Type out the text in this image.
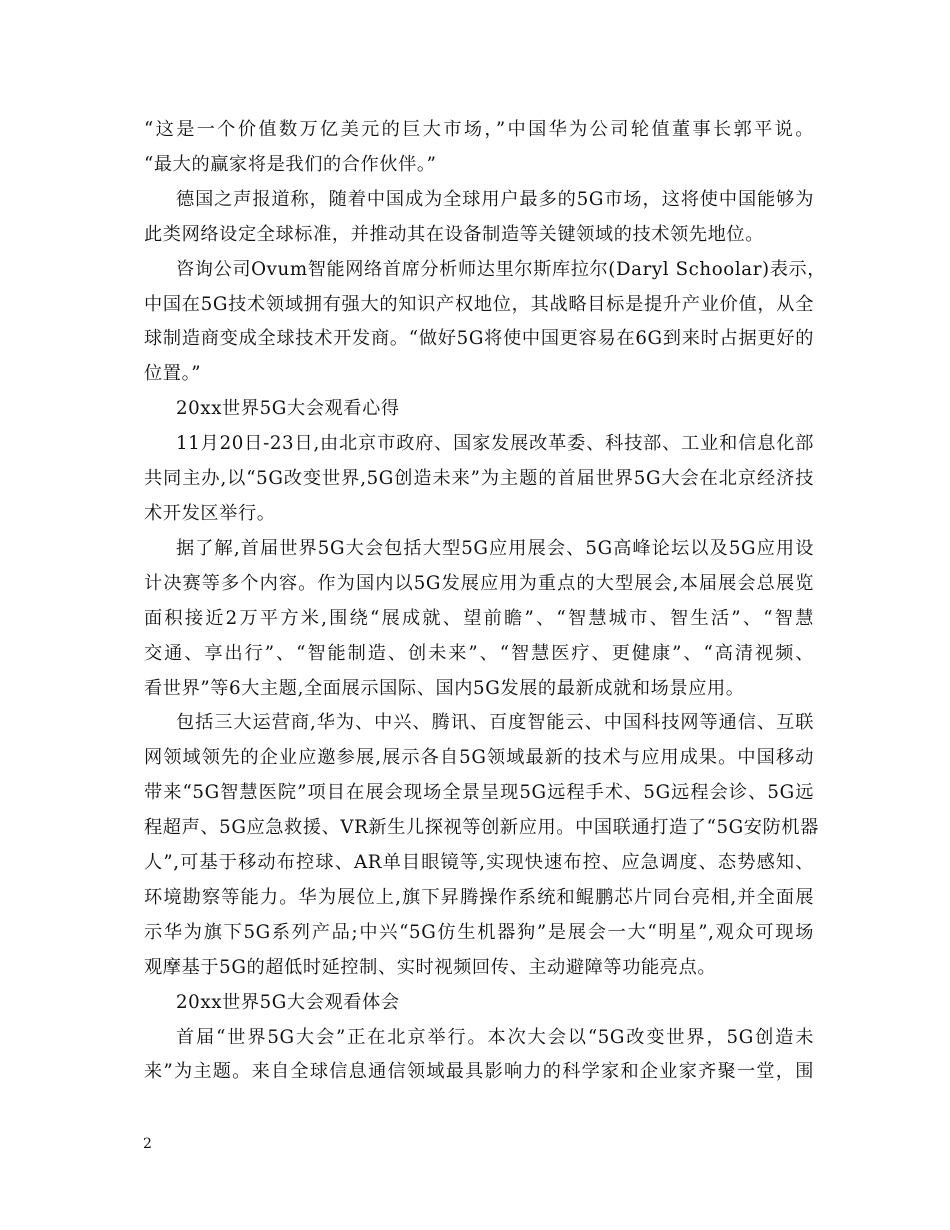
“这是一个价值数万亿美元的巨大市场，”中国华为公司轮值董事长郭平说。

“最大的赢家将是我们的合作伙伴。”

德国之声报道称，随着中国成为全球用户最多的5G市场，这将使中国能够为

此类网络设定全球标准，并推动其在设备制造等关键领域的技术领先地位。

咨询公司Ovum智能网络首席分析师达里尔斯库拉尔(Daryl Schoolar)表示，

中国在5G技术领域拥有强大的知识产权地位，其战略目标是提升产业价值，从全

球制造商变成全球技术开发商。“做好5G将使中国更容易在6G到来时占据更好的

位置。”

20xx世界5G大会观看心得

11月20日-23日,由北京市政府、国家发展改革委、科技部、工业和信息化部

共同主办,以“5G改变世界,5G创造未来”为主题的首届世界5G大会在北京经济技

术开发区举行。

据了解,首届世界5G大会包括大型5G应用展会、5G高峰论坛以及5G应用设

计决赛等多个内容。作为国内以5G发展应用为重点的大型展会,本届展会总展览

面积接近2万平方米,围绕“展成就、望前瞻”、“智慧城市、智生活”、“智慧

交通、享出行”、“智能制造、创未来”、“智慧医疗、更健康”、“高清视频、

看世界”等6大主题,全面展示国际、国内5G发展的最新成就和场景应用。

包括三大运营商,华为、中兴、腾讯、百度智能云、中国科技网等通信、互联

网领域领先的企业应邀参展,展示各自5G领域最新的技术与应用成果。中国移动

带来“5G智慧医院”项目在展会现场全景呈现5G远程手术、5G远程会诊、5G远

程超声、5G应急救援、VR新生儿探视等创新应用。中国联通打造了“5G安防机器

人”,可基于移动布控球、AR单目眼镜等,实现快速布控、应急调度、态势感知、

环境勘察等能力。华为展位上,旗下昇腾操作系统和鲲鹏芯片同台亮相,并全面展

示华为旗下5G系列产品;中兴“5G仿生机器狗”是展会一大“明星”,观众可现场

观摩基于5G的超低时延控制、实时视频回传、主动避障等功能亮点。

20xx世界5G大会观看体会

首届“世界5G大会”正在北京举行。本次大会以“5G改变世界，5G创造未

来”为主题。来自全球信息通信领域最具影响力的科学家和企业家齐聚一堂，围

2
